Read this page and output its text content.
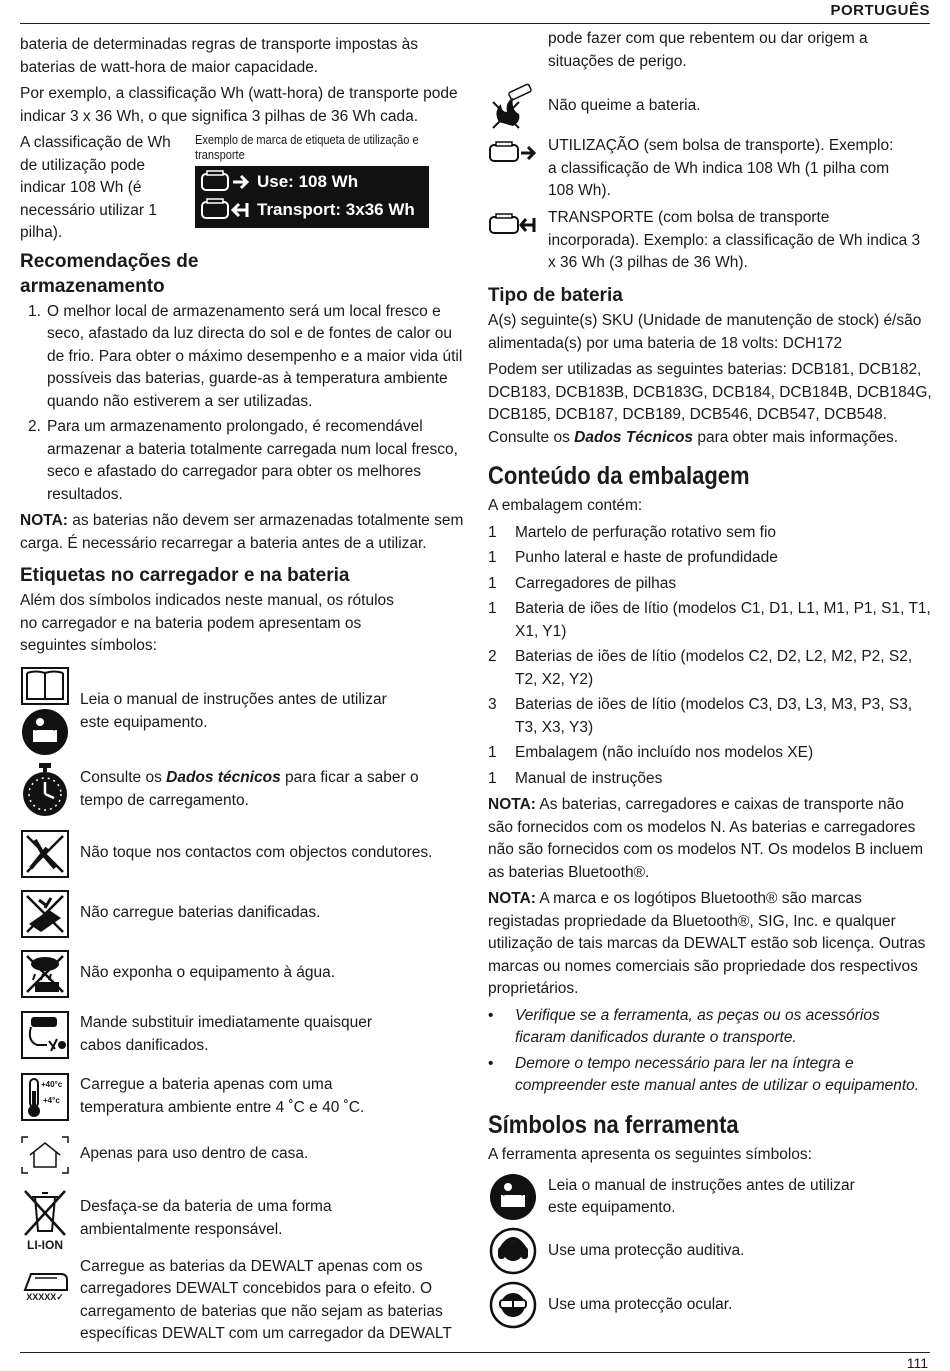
PORTUGUÊS

bateria de determinadas regras de transporte impostas às baterias de watt-hora de maior capacidade.

Por exemplo, a classificação Wh (watt-hora) de transporte pode indicar 3 x 36 Wh, o que significa 3 pilhas de 36 Wh cada.

A classificação de Wh de utilização pode indicar 108 Wh (é necessário utilizar 1 pilha).
Exemplo de marca de etiqueta de utilização e transporte
Use: 108 Wh
Transport: 3x36 Wh
Recomendações de armazenamento
1. O melhor local de armazenamento será um local fresco e seco, afastado da luz directa do sol e de fontes de calor ou de frio. Para obter o máximo desempenho e a maior vida útil possíveis das baterias, guarde-as à temperatura ambiente quando não estiverem a ser utilizadas.
2. Para um armazenamento prolongado, é recomendável armazenar a bateria totalmente carregada num local fresco, seco e afastado do carregador para obter os melhores resultados.

NOTA: as baterias não devem ser armazenadas totalmente sem carga. É necessário recarregar a bateria antes de a utilizar.

Etiquetas no carregador e na bateria

Além dos símbolos indicados neste manual, os rótulos no carregador e na bateria podem apresentam os seguintes símbolos:

Leia o manual de instruções antes de utilizar este equipamento.
Consulte os Dados técnicos para ficar a saber o tempo de carregamento.
Não toque nos contactos com objectos condutores.
Não carregue baterias danificadas.
Não exponha o equipamento à água.
Mande substituir imediatamente quaisquer cabos danificados.
+40°c
+4°c
Carregue a bateria apenas com uma temperatura ambiente entre 4 ˚C e 40 ˚C.
Apenas para uso dentro de casa.
LI-ION
Desfaça-se da bateria de uma forma ambientalmente responsável.
XXXXX✓
Carregue as baterias da DEWALT apenas com os carregadores DEWALT concebidos para o efeito. O carregamento de baterias que não sejam as baterias específicas DEWALT com um carregador da DEWALT

pode fazer com que rebentem ou dar origem a situações de perigo.

Não queime a bateria.
UTILIZAÇÃO (sem bolsa de transporte). Exemplo: a classificação de Wh indica 108 Wh (1 pilha com 108 Wh).
TRANSPORTE (com bolsa de transporte incorporada). Exemplo: a classificação de Wh indica 3 x 36 Wh (3 pilhas de 36 Wh).
Tipo de bateria

A(s) seguinte(s) SKU (Unidade de manutenção de stock) é/são alimentada(s) por uma bateria de 18 volts: DCH172

Podem ser utilizadas as seguintes baterias: DCB181, DCB182, DCB183, DCB183B, DCB183G, DCB184, DCB184B, DCB184G, DCB185, DCB187, DCB189, DCB546, DCB547, DCB548. Consulte os Dados Técnicos para obter mais informações.

Conteúdo da embalagem

A embalagem contém:

1 Martelo de perfuração rotativo sem fio
1 Punho lateral e haste de profundidade
1 Carregadores de pilhas
1 Bateria de iões de lítio (modelos C1, D1, L1, M1, P1, S1, T1, X1, Y1)
2 Baterias de iões de lítio (modelos C2, D2, L2, M2, P2, S2, T2, X2, Y2)
3 Baterias de iões de lítio (modelos C3, D3, L3, M3, P3, S3, T3, X3, Y3)
1 Embalagem (não incluído nos modelos XE)
1 Manual de instruções

NOTA: As baterias, carregadores e caixas de transporte não são fornecidos com os modelos N. As baterias e carregadores não são fornecidos com os modelos NT. Os modelos B incluem as baterias Bluetooth®.

NOTA: A marca e os logótipos Bluetooth® são marcas registadas propriedade da Bluetooth®, SIG, Inc. e qualquer utilização de tais marcas da DEWALT estão sob licença. Outras marcas ou nomes comerciais são propriedade dos respectivos proprietários.

• Verifique se a ferramenta, as peças ou os acessórios ficaram danificados durante o transporte.
• Demore o tempo necessário para ler na íntegra e compreender este manual antes de utilizar o equipamento.
Símbolos na ferramenta

A ferramenta apresenta os seguintes símbolos:

Leia o manual de instruções antes de utilizar este equipamento.
Use uma protecção auditiva.
Use uma protecção ocular.
111
